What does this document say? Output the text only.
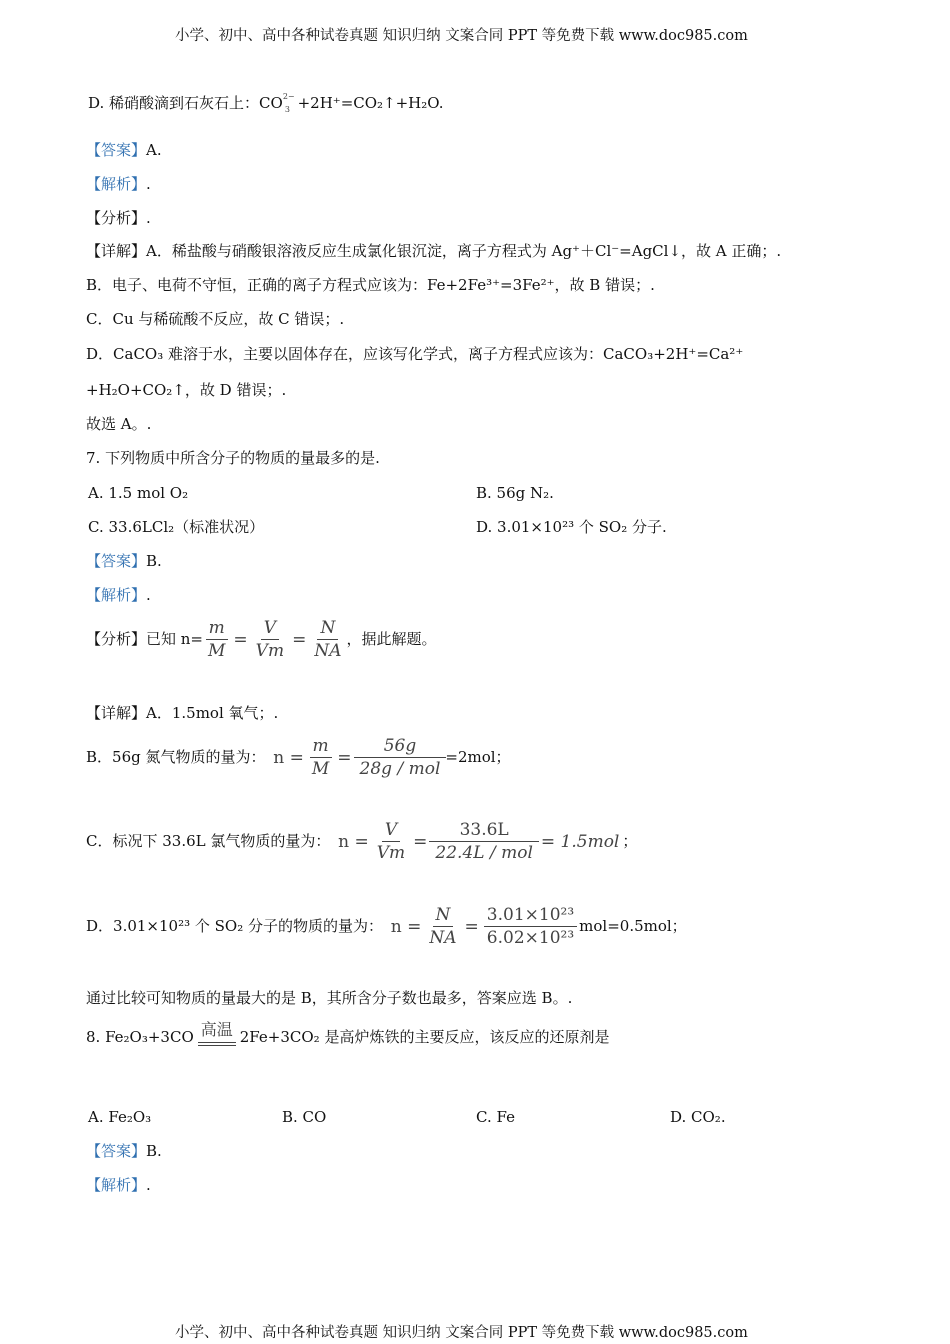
小学、初中、高中各种试卷真题 知识归纳 文案合同 PPT 等免费下载 www.doc985.com
D. 稀硝酸滴到石灰石上：CO 2−
3 +2H⁺=CO₂↑+H₂O.
【答案】A.
【解析】.
【分析】.
【详解】A．稀盐酸与硝酸银溶液反应生成氯化银沉淀，离子方程式为 Ag⁺＋Cl⁻=AgCl↓，故 A 正确；.
B．电子、电荷不守恒，正确的离子方程式应该为：Fe+2Fe³⁺=3Fe²⁺，故 B 错误；.
C．Cu 与稀硫酸不反应，故 C 错误；.
D．CaCO₃ 难溶于水，主要以固体存在，应该写化学式，离子方程式应该为：CaCO₃+2H⁺=Ca²⁺
+H₂O+CO₂↑，故 D 错误；.
故选 A。.
7. 下列物质中所含分子的物质的量最多的是.
A. 1.5 mol O₂	B. 56g N₂.
C. 33.6LCl₂（标准状况）	D. 3.01×10²³ 个 SO₂ 分子.
【答案】B.
【解析】.
【分析】已知 $n= \frac{m}{M} = \frac{V}{Vm} = \frac{N}{NA}$ ，据此解题。
【详解】A．1.5mol 氧气；.
B．56g 氮气物质的量为： $n = \frac{m}{M} = \frac{56g}{\text{28g / mol}} =2mol$；
C．标况下 33.6L 氯气物质的量为： $n = \frac{V}{Vm} = \frac{33.6L}{\text{22.4L / mol}} = 1.5mol$ ；
D．3.01×10²³ 个 SO₂ 分子的物质的量为： $n = \frac{N}{NA} = \frac{\text{3.01×10²³}}{\text{6.02×10²³}} mol=0.5mol$；
通过比较可知物质的量最大的是 B，其所含分子数也最多，答案应选 B。.
8. Fe₂O₃+3CO 高温 2Fe+3CO₂ 是高炉炼铁的主要反应，该反应的还原剂是
A. Fe₂O₃	B. CO	C. Fe	D. CO₂.
【答案】B.
【解析】.
小学、初中、高中各种试卷真题 知识归纳 文案合同 PPT 等免费下载 www.doc985.com
